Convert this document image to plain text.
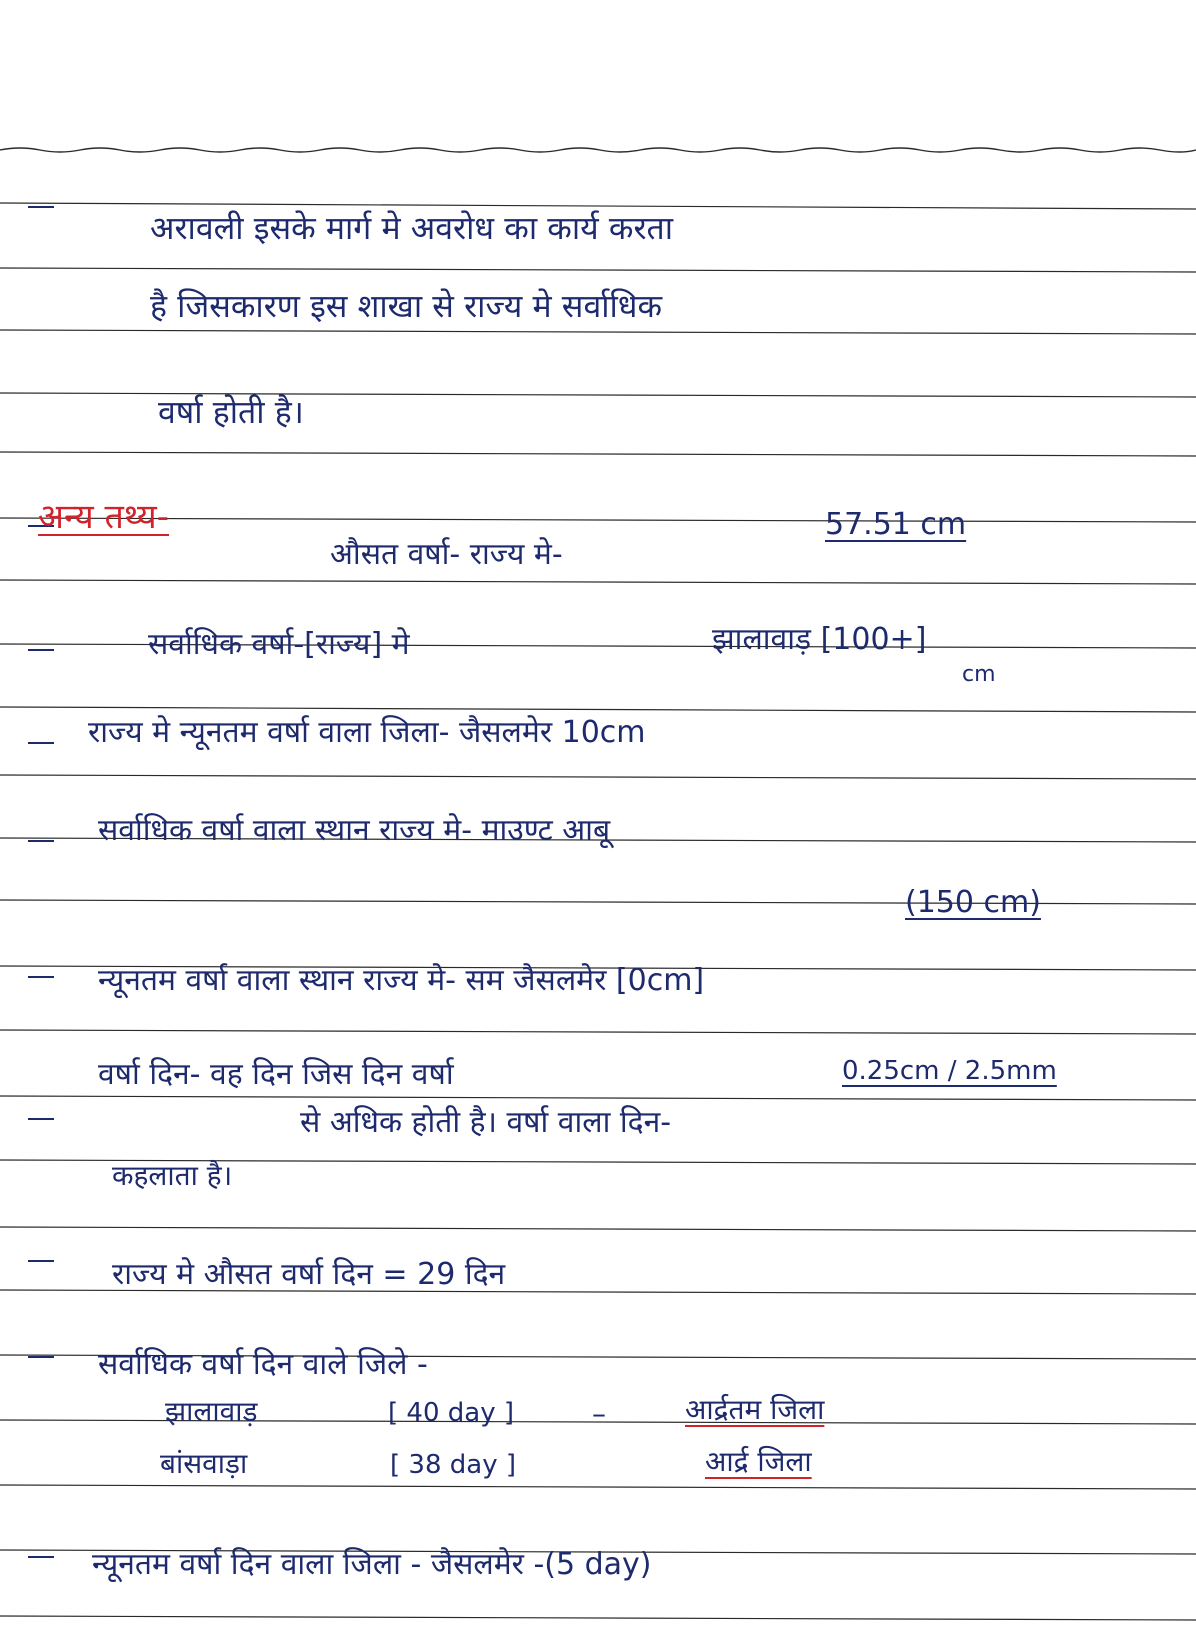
अरावली इसके मार्ग मे अवरोध का कार्य करता
है जिसकारण इस शाखा से राज्य मे सर्वाधिक
वर्षा होती है।
अन्य तथ्य-
औसत वर्षा- राज्य मे-
57.51 cm
सर्वाधिक वर्षा-[राज्य] मे	झालावाड़ [100+]
cm
राज्य मे न्यूनतम वर्षा वाला जिला- जैसलमेर 10cm
सर्वाधिक वर्षा वाला स्थान राज्य मे- माउण्ट आबू
(150 cm)
न्यूनतम वर्षा वाला स्थान राज्य मे- सम जैसलमेर [0cm]
वर्षा दिन- वह दिन जिस दिन वर्षा	0.25cm / 2.5mm
से अधिक होती है। वर्षा वाला दिन-
कहलाता है।
राज्य मे औसत वर्षा दिन = 29 दिन
सर्वाधिक वर्षा दिन वाले जिले -
झालावाड़	[ 40 day ]	–	आर्द्रतम जिला
बांसवाड़ा	[ 38 day ]	आर्द्र जिला
न्यूनतम वर्षा दिन वाला जिला - जैसलमेर -(5 day)
